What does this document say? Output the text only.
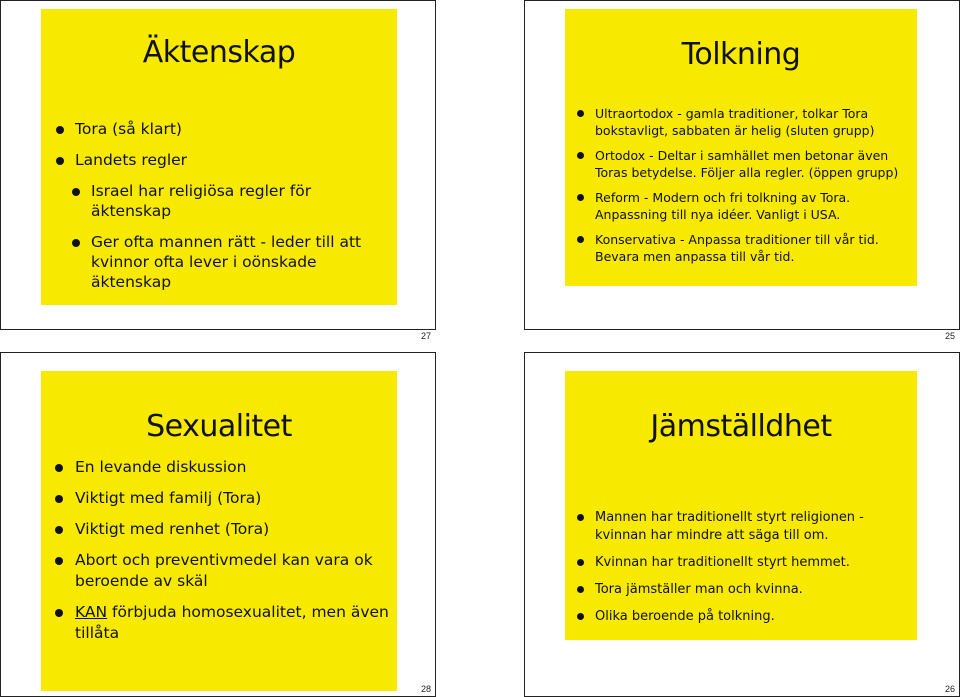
Äktenskap
Tora (så klart)
Landets regler
Israel har religiösa regler för äktenskap
Ger ofta mannen rätt - leder till att kvinnor ofta lever i oönskade äktenskap
27
Tolkning
Ultraortodox - gamla traditioner, tolkar Tora bokstavligt, sabbaten är helig (sluten grupp)
Ortodox - Deltar i samhället men betonar även Toras betydelse. Följer alla regler. (öppen grupp)
Reform - Modern och fri tolkning av Tora. Anpassning till nya idéer. Vanligt i USA.
Konservativa - Anpassa traditioner till vår tid. Bevara men anpassa till vår tid.
25
Sexualitet
En levande diskussion
Viktigt med familj (Tora)
Viktigt med renhet (Tora)
Abort och preventivmedel kan vara ok beroende av skäl
KAN förbjuda homosexualitet, men även tillåta
28
Jämställdhet
Mannen har traditionellt styrt religionen - kvinnan har mindre att säga till om.
Kvinnan har traditionellt styrt hemmet.
Tora jämställer man och kvinna.
Olika beroende på tolkning.
26
